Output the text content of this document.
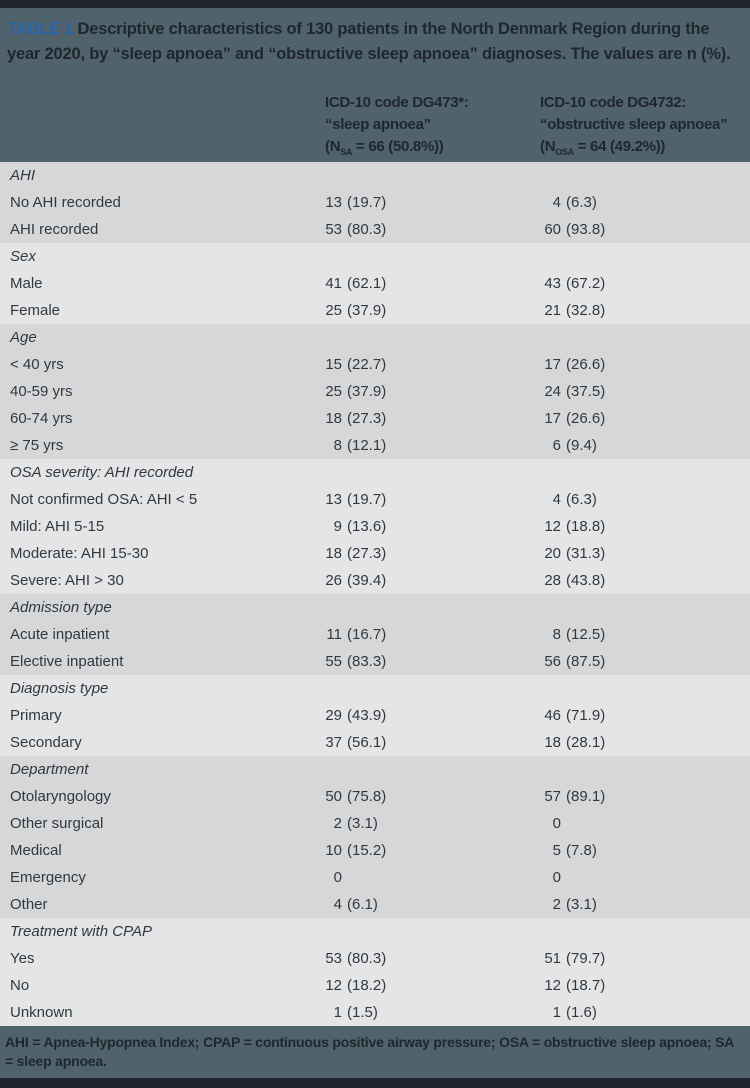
TABLE 1 Descriptive characteristics of 130 patients in the North Denmark Region during the year 2020, by “sleep apnoea” and “obstructive sleep apnoea” diagnoses. The values are n (%).
ICD-10 code DG473*:
“sleep apnoea”
($N_{SA} = 66$ (50.8%))
ICD-10 code DG4732:
“obstructive sleep apnoea”
($N_{OSA} = 64$ (49.2%))
AHI
No AHI recorded	13 (19.7)	4 (6.3)
AHI recorded	53 (80.3)	60 (93.8)
Sex
Male	41 (62.1)	43 (67.2)
Female	25 (37.9)	21 (32.8)
Age
< 40 yrs	15 (22.7)	17 (26.6)
40-59 yrs	25 (37.9)	24 (37.5)
60-74 yrs	18 (27.3)	17 (26.6)
≥ 75 yrs	8 (12.1)	6 (9.4)
OSA severity: AHI recorded
Not confirmed OSA: AHI < 5	13 (19.7)	4 (6.3)
Mild: AHI 5-15	9 (13.6)	12 (18.8)
Moderate: AHI 15-30	18 (27.3)	20 (31.3)
Severe: AHI > 30	26 (39.4)	28 (43.8)
Admission type
Acute inpatient	11 (16.7)	8 (12.5)
Elective inpatient	55 (83.3)	56 (87.5)
Diagnosis type
Primary	29 (43.9)	46 (71.9)
Secondary	37 (56.1)	18 (28.1)
Department
Otolaryngology	50 (75.8)	57 (89.1)
Other surgical	2 (3.1)	0
Medical	10 (15.2)	5 (7.8)
Emergency	0	0
Other	4 (6.1)	2 (3.1)
Treatment with CPAP
Yes	53 (80.3)	51 (79.7)
No	12 (18.2)	12 (18.7)
Unknown	1 (1.5)	1 (1.6)
AHI = Apnea-Hypopnea Index; CPAP = continuous positive airway pressure; OSA = obstructive sleep apnoea; SA = sleep apnoea.
